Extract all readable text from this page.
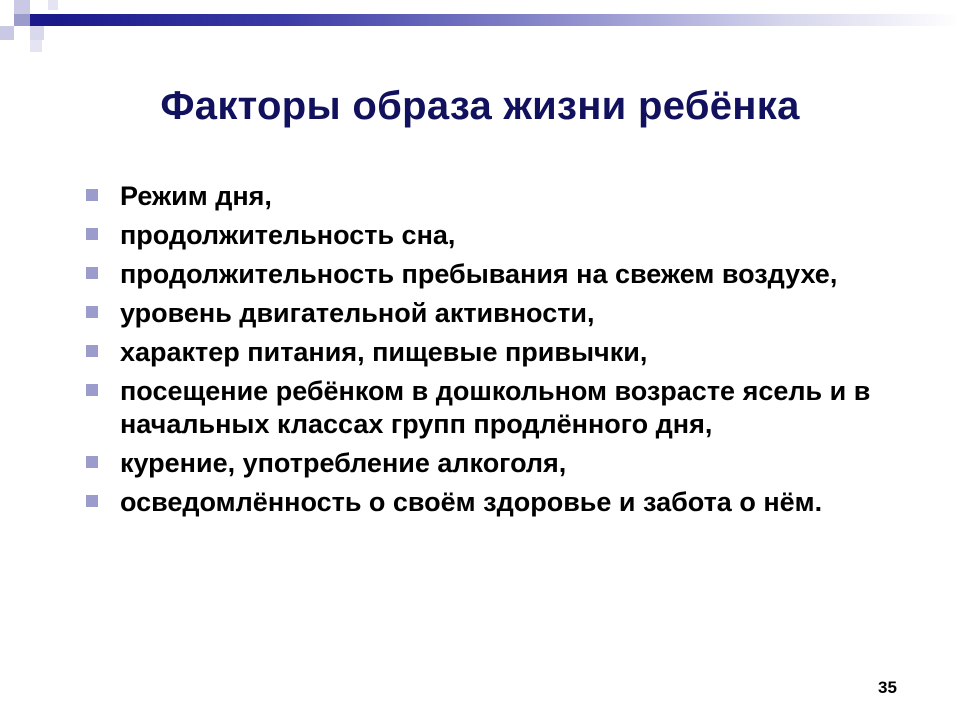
Факторы образа жизни ребёнка
Режим дня,
продолжительность сна,
продолжительность пребывания на свежем воздухе,
уровень двигательной активности,
характер питания, пищевые привычки,
посещение ребёнком в дошкольном возрасте ясель и в начальных классах групп продлённого дня,
курение, употребление алкоголя,
осведомлённость о своём здоровье и забота о нём.
35
